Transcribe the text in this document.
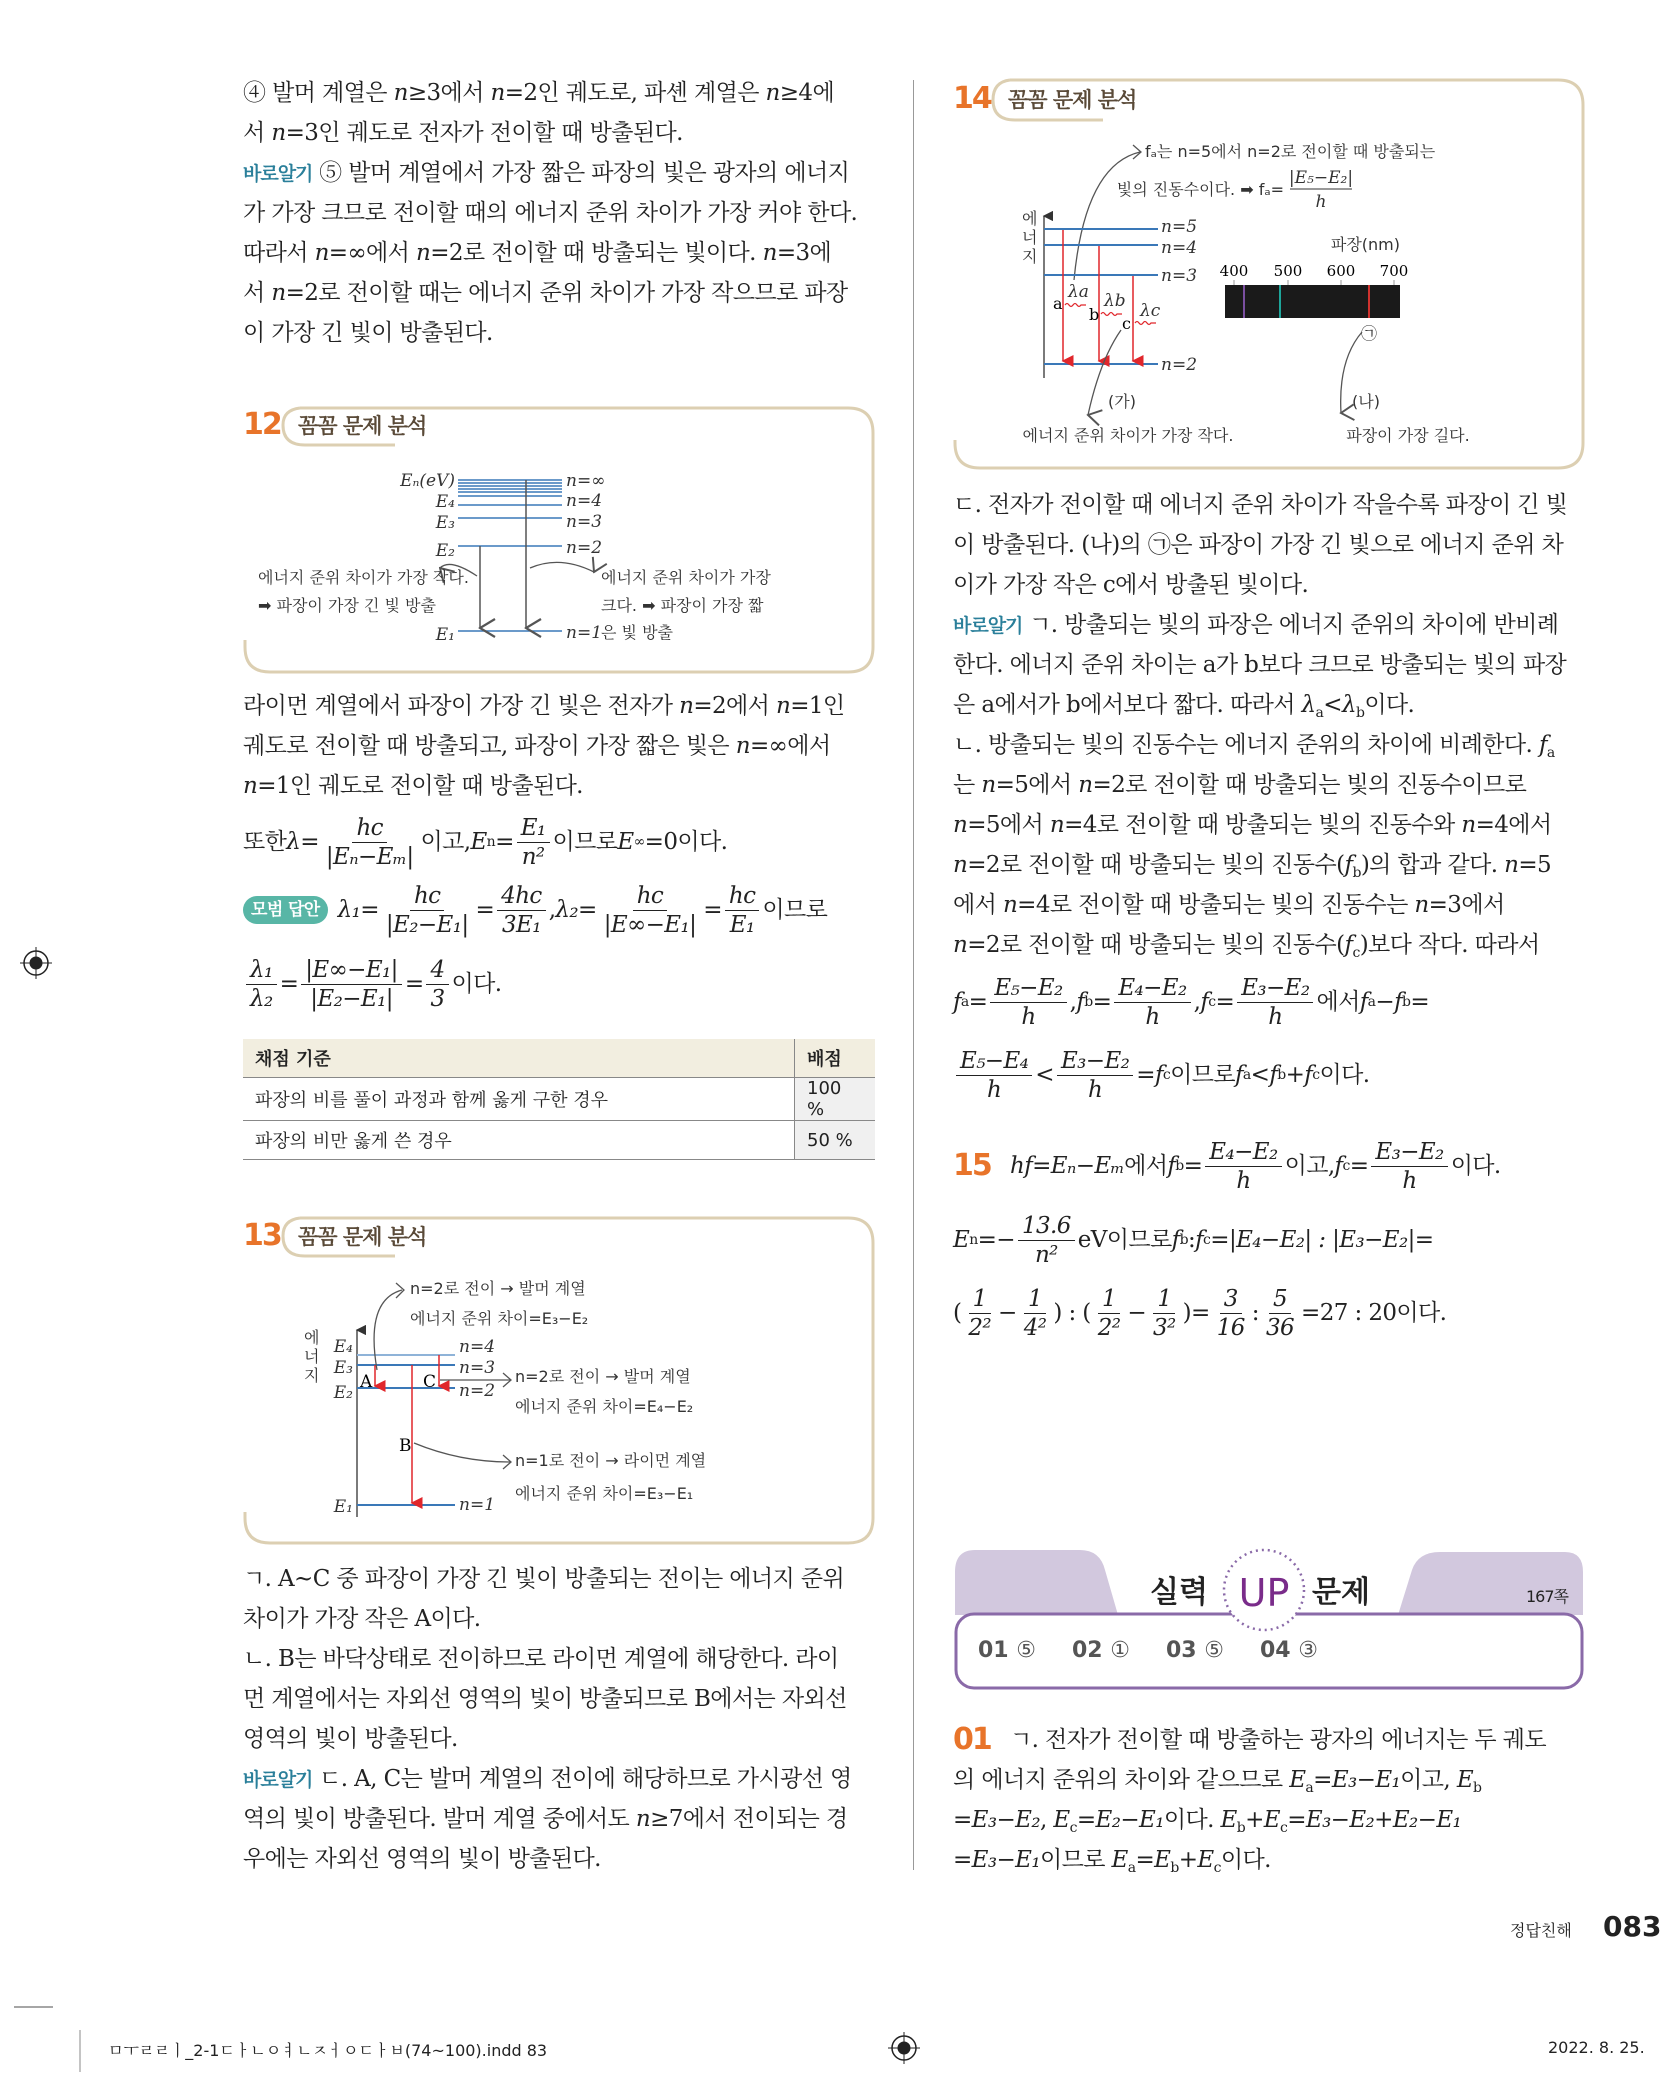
12 꼼꼼 문제 분석
Eₙ(eV)
E₄
E₃
E₂
E₁
n=∞
n=4
n=3
n=2
n=1
은 빛 방출
에너지 준위 차이가 가장 작다.
➡ 파장이 가장 긴 빛 방출
에너지 준위 차이가 가장
크다. ➡ 파장이 가장 짧
13 꼼꼼 문제 분석
에
너
지
E₄
E₃
E₂
E₁
n=4
n=3
n=2
n=1
A	C
B
n=2로 전이 → 발머 계열
에너지 준위 차이=E₃−E₂
n=2로 전이 → 발머 계열
에너지 준위 차이=E₄−E₂
n=1로 전이 → 라이먼 계열
에너지 준위 차이=E₃−E₁
14 꼼꼼 문제 분석
fₐ는 n=5에서 n=2로 전이할 때 방출되는
빛의 진동수이다. ➡ fₐ=
|E₅−E₂|
h
에
너
지
n=5
n=4
n=3
n=2
a
b c
λa λb λc
(가)
에너지 준위 차이가 가장 작다.
파장(nm)
400 500 600 700
㉠
(나)
파장이 가장 길다.
실력 UP 문제	167쪽
④ 발머 계열은 n≥3에서 n=2인 궤도로, 파셴 계열은 n≥4에
서 n=3인 궤도로 전자가 전이할 때 방출된다.
바로알기 ⑤ 발머 계열에서 가장 짧은 파장의 빛은 광자의 에너지
가 가장 크므로 전이할 때의 에너지 준위 차이가 가장 커야 한다.
따라서 n=∞에서 n=2로 전이할 때 방출되는 빛이다. n=3에
서 n=2로 전이할 때는 에너지 준위 차이가 가장 작으므로 파장
이 가장 긴 빛이 방출된다.
라이먼 계열에서 파장이 가장 긴 빛은 전자가 n=2에서 n=1인
궤도로 전이할 때 방출되고, 파장이 가장 짧은 빛은 n=∞에서
n=1인 궤도로 전이할 때 방출된다.
또한 $\lambda = \frac{hc}{\text{|Eₙ−Eₘ|}}$ 이고, E $n = \frac{\text{E₁}}{\text{n²}}$ 이므로 E ∞ =0이다.
모범 답안 $\lambda_1 = \frac{hc}{\text{|E₂−E₁|}} = \frac{4hc}{\text{3E₁}}$ , $\lambda_2 = \frac{hc}{\text{|E∞−E₁|}} = \frac{hc}{\text{E₁}}$ 이므로
$\frac{\text{λ₁}}{\text{λ₂}} = \frac{\text{|E∞−E₁|}}{\text{|E₂−E₁|}} = \frac{4}{3}$ 이다.
채점 기준	배점
파장의 비를 풀이 과정과 함께 옳게 구한 경우	100 %
파장의 비만 옳게 쓴 경우	50 %
ㄱ. A~C 중 파장이 가장 긴 빛이 방출되는 전이는 에너지 준위
차이가 가장 작은 A이다.
ㄴ. B는 바닥상태로 전이하므로 라이먼 계열에 해당한다. 라이
먼 계열에서는 자외선 영역의 빛이 방출되므로 B에서는 자외선
영역의 빛이 방출된다.
바로알기 ㄷ. A, C는 발머 계열의 전이에 해당하므로 가시광선 영
역의 빛이 방출된다. 발머 계열 중에서도 n≥7에서 전이되는 경
우에는 자외선 영역의 빛이 방출된다.
ㄷ. 전자가 전이할 때 에너지 준위 차이가 작을수록 파장이 긴 빛
이 방출된다. (나)의 ㉠은 파장이 가장 긴 빛으로 에너지 준위 차
이가 가장 작은 c에서 방출된 빛이다.
바로알기 ㄱ. 방출되는 빛의 파장은 에너지 준위의 차이에 반비례
한다. 에너지 준위 차이는 a가 b보다 크므로 방출되는 빛의 파장
은 a에서가 b에서보다 짧다. 따라서 $\lambda_a<\lambda_b$이다.
ㄴ. 방출되는 빛의 진동수는 에너지 준위의 차이에 비례한다. $f_a$
는 n=5에서 n=2로 전이할 때 방출되는 빛의 진동수이므로
n=5에서 n=4로 전이할 때 방출되는 빛의 진동수와 n=4에서
n=2로 전이할 때 방출되는 빛의 진동수$(f_b)$의 합과 같다. n=5
에서 n=4로 전이할 때 방출되는 빛의 진동수는 n=3에서
n=2로 전이할 때 방출되는 빛의 진동수$(f_c)$보다 작다. 따라서
f $a = \frac{\text{E₅−E₂}}{h}$ , f $b = \frac{\text{E₄−E₂}}{h}$ , f $c = \frac{\text{E₃−E₂}}{h}$ 에서 f a − f b =
$\frac{\text{E₅−E₄}}{h} < \frac{\text{E₃−E₂}}{h} = f$ c 이므로 f a < f b + f c 이다.
15 hf=Eₙ−Eₘ 에서 f $b = \frac{\text{E₄−E₂}}{h}$ 이고, f $c = \frac{\text{E₃−E₂}}{h}$ 이다.
E $n =- \frac{13.6}{\text{n²}}$ eV이므로 f b : f c = |E₄−E₂| : |E₃−E₂| =
( $\frac{1}{\text{2²}} - \frac{1}{\text{4²}}$ ) : ( $\frac{1}{\text{2²}} - \frac{1}{\text{3²}}$ )= $\frac{3}{16}$ : $\frac{5}{36} =27$ : 20이다.
01 ⑤ 02 ① 03 ⑤ 04 ③
01 ㄱ. 전자가 전이할 때 방출하는 광자의 에너지는 두 궤도
의 에너지 준위의 차이와 같으므로 $E_a=E_3-E_1$이고, $E_b$
=E₃−E₂, $E_c=E_2-E_1$이다. $E_b+E_c=E_3-E_2+E_2-E_1$
=E₃−E₁이므로 $E_a=E_b+E_c$이다.
정답친해 083
ㅁㅜㄹㄹㅣ_2-1ㄷㅏㄴㅇㅕㄴㅈㅓㅇㄷㅏㅂ(74~100).indd 83	2022. 8. 25.
